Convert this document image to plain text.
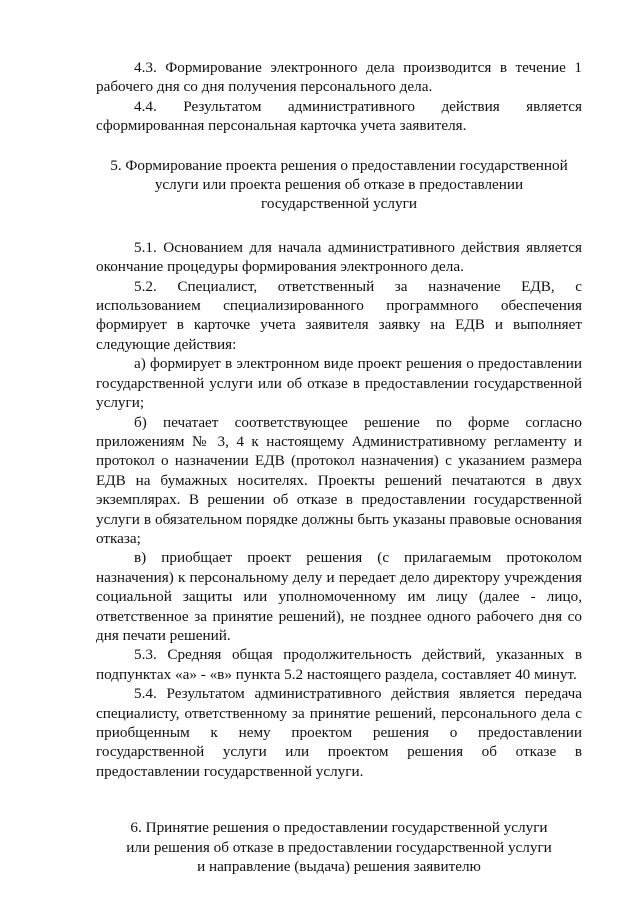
4.3. Формирование электронного дела производится в течение 1 рабочего дня со дня получения персонального дела.

4.4. Результатом административного действия является сформированная персональная карточка учета заявителя.

5. Формирование проекта решения о предоставлении государственной услуги или проекта решения об отказе в предоставлении государственной услуги

5.1. Основанием для начала административного действия является окончание процедуры формирования электронного дела.

5.2. Специалист, ответственный за назначение ЕДВ, с использованием специализированного программного обеспечения формирует в карточке учета заявителя заявку на ЕДВ и выполняет следующие действия:

а) формирует в электронном виде проект решения о предоставлении государственной услуги или об отказе в предоставлении государственной услуги;

б) печатает соответствующее решение по форме согласно приложениям № 3, 4 к настоящему Административному регламенту и протокол о назначении ЕДВ (протокол назначения) с указанием размера ЕДВ на бумажных носителях. Проекты решений печатаются в двух экземплярах. В решении об отказе в предоставлении государственной услуги в обязательном порядке должны быть указаны правовые основания отказа;

в) приобщает проект решения (с прилагаемым протоколом назначения) к персональному делу и передает дело директору учреждения социальной защиты или уполномоченному им лицу (далее - лицо, ответственное за принятие решений), не позднее одного рабочего дня со дня печати решений.

5.3. Средняя общая продолжительность действий, указанных в подпунктах «а» - «в» пункта 5.2 настоящего раздела, составляет 40 минут.

5.4. Результатом административного действия является передача специалисту, ответственному за принятие решений, персонального дела с приобщенным к нему проектом решения о предоставлении государственной услуги или проектом решения об отказе в предоставлении государственной услуги.

6. Принятие решения о предоставлении государственной услуги
или решения об отказе в предоставлении государственной услуги
и направление (выдача) решения заявителю
